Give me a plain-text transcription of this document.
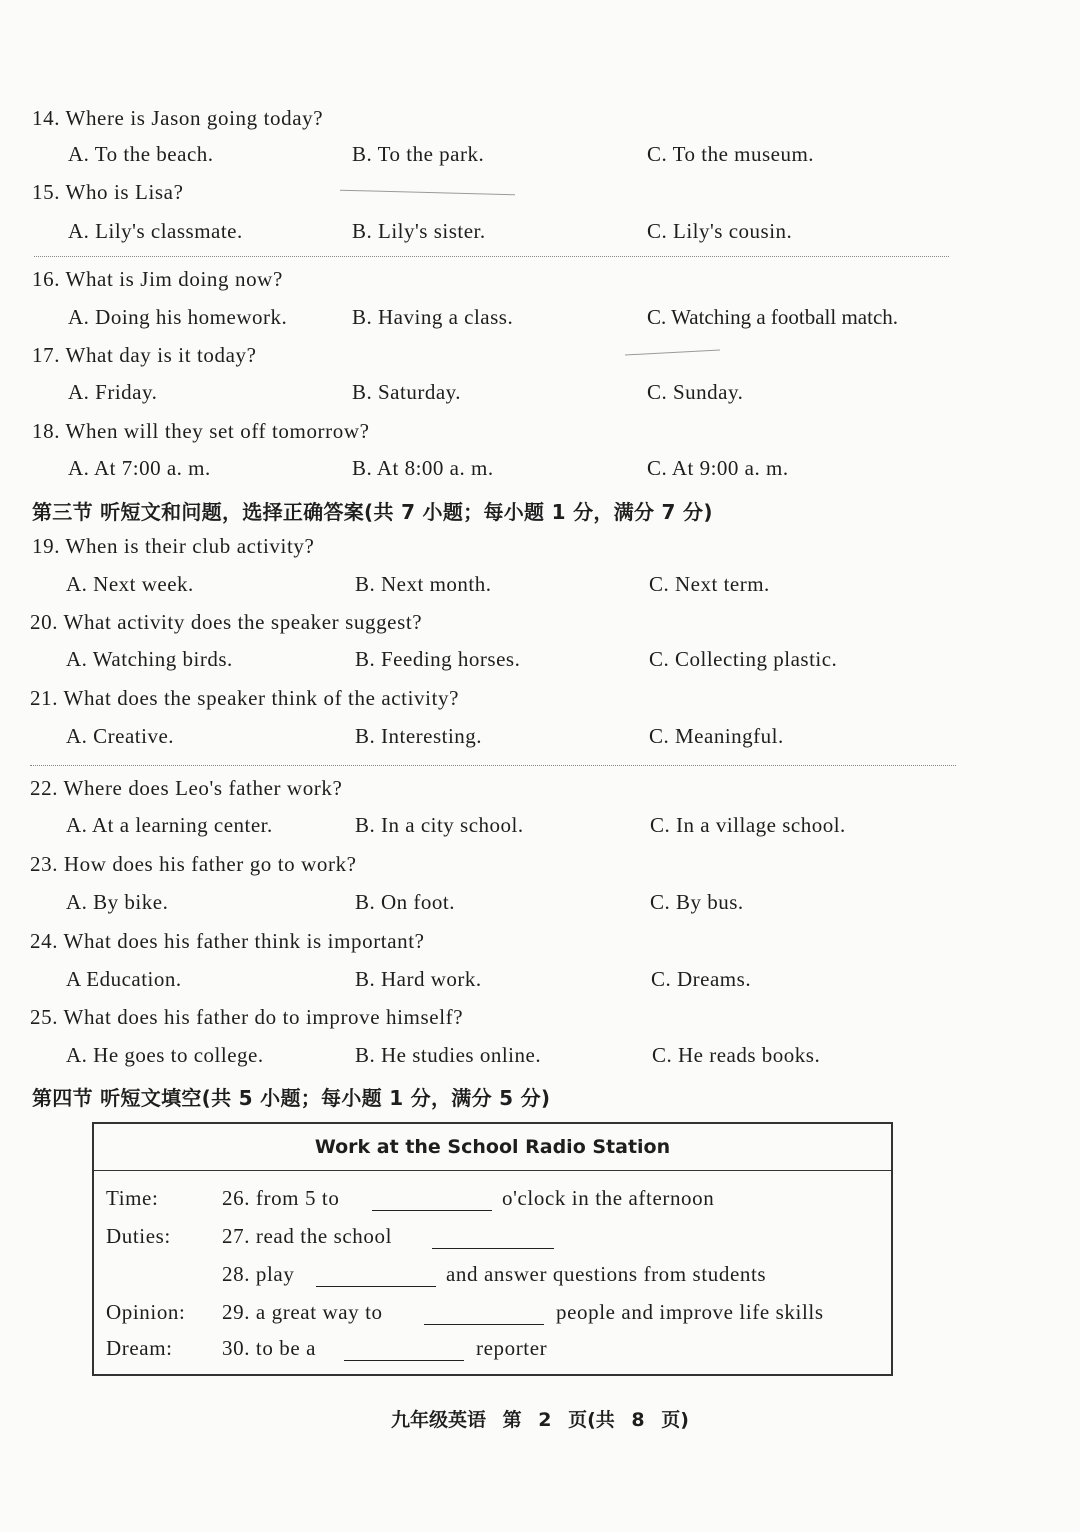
14. Where is Jason going today?
A. To the beach.	B. To the park.	C. To the museum.
15. Who is Lisa?
A. Lily's classmate.	B. Lily's sister.	C. Lily's cousin.
16. What is Jim doing now?
A. Doing his homework.	B. Having a class.	C. Watching a football match.
17. What day is it today?
A. Friday.	B. Saturday.	C. Sunday.
18. When will they set off tomorrow?
A. At 7:00 a. m.	B. At 8:00 a. m.	C. At 9:00 a. m.
第三节 听短文和问题，选择正确答案(共 7 小题；每小题 1 分，满分 7 分)
19. When is their club activity?
A. Next week.	B. Next month.	C. Next term.
20. What activity does the speaker suggest?
A. Watching birds.	B. Feeding horses.	C. Collecting plastic.
21. What does the speaker think of the activity?
A. Creative.	B. Interesting.	C. Meaningful.
22. Where does Leo's father work?
A. At a learning center.	B. In a city school.	C. In a village school.
23. How does his father go to work?
A. By bike.	B. On foot.	C. By bus.
24. What does his father think is important?
A Education.	B. Hard work.	C. Dreams.
25. What does his father do to improve himself?
A. He goes to college.	B. He studies online.	C. He reads books.
第四节 听短文填空(共 5 小题；每小题 1 分，满分 5 分)
Work at the School Radio Station
Time:	26. from 5 to	o'clock in the afternoon
Duties: 27. read the school
28. play	and answer questions from students
Opinion: 29. a great way to	people and improve life skills
Dream: 30. to be a	reporter
九年级英语 第 2 页(共 8 页)
